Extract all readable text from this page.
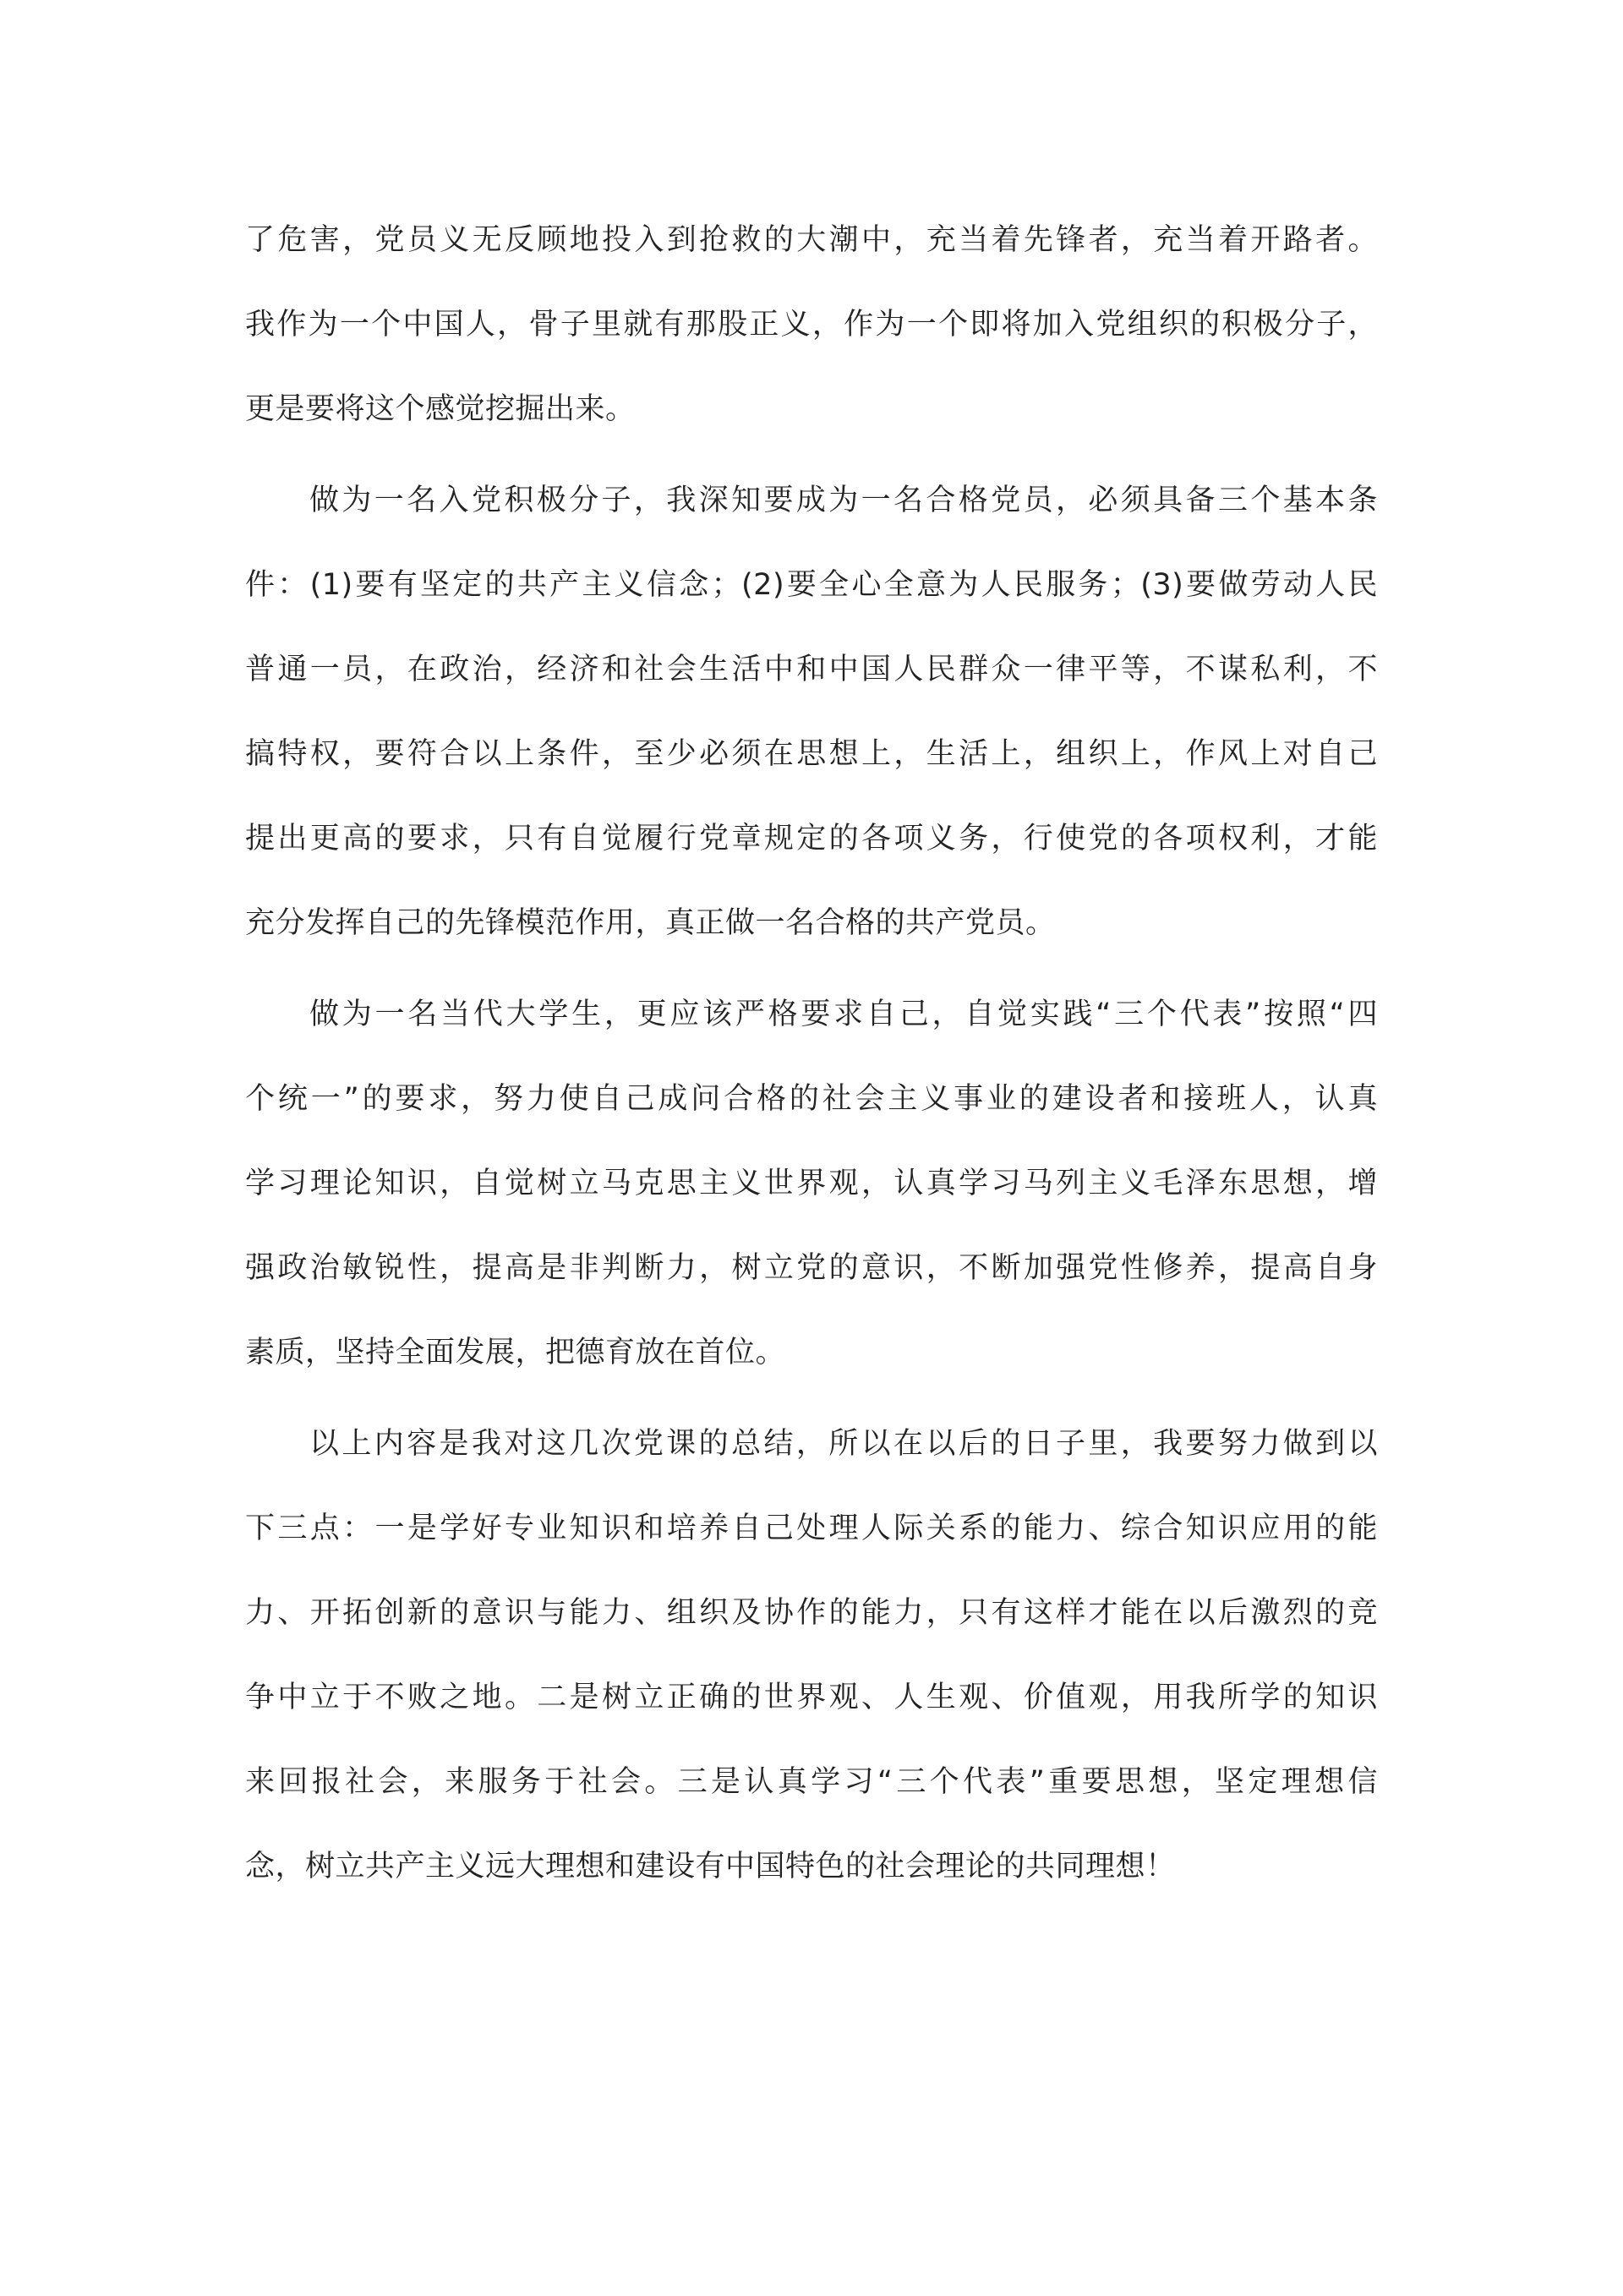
了危害，党员义无反顾地投入到抢救的大潮中，充当着先锋者，充当着开路者。
我作为一个中国人，骨子里就有那股正义，作为一个即将加入党组织的积极分子，
更是要将这个感觉挖掘出来。
做为一名入党积极分子，我深知要成为一名合格党员，必须具备三个基本条
件：(1)要有坚定的共产主义信念；(2)要全心全意为人民服务；(3)要做劳动人民
普通一员，在政治，经济和社会生活中和中国人民群众一律平等，不谋私利，不
搞特权，要符合以上条件，至少必须在思想上，生活上，组织上，作风上对自己
提出更高的要求，只有自觉履行党章规定的各项义务，行使党的各项权利，才能
充分发挥自己的先锋模范作用，真正做一名合格的共产党员。
做为一名当代大学生，更应该严格要求自己，自觉实践“三个代表”按照“四
个统一”的要求，努力使自己成问合格的社会主义事业的建设者和接班人，认真
学习理论知识，自觉树立马克思主义世界观，认真学习马列主义毛泽东思想，增
强政治敏锐性，提高是非判断力，树立党的意识，不断加强党性修养，提高自身
素质，坚持全面发展，把德育放在首位。
以上内容是我对这几次党课的总结，所以在以后的日子里，我要努力做到以
下三点：一是学好专业知识和培养自己处理人际关系的能力、综合知识应用的能
力、开拓创新的意识与能力、组织及协作的能力，只有这样才能在以后激烈的竞
争中立于不败之地。二是树立正确的世界观、人生观、价值观，用我所学的知识
来回报社会，来服务于社会。三是认真学习“三个代表”重要思想，坚定理想信
念，树立共产主义远大理想和建设有中国特色的社会理论的共同理想！
